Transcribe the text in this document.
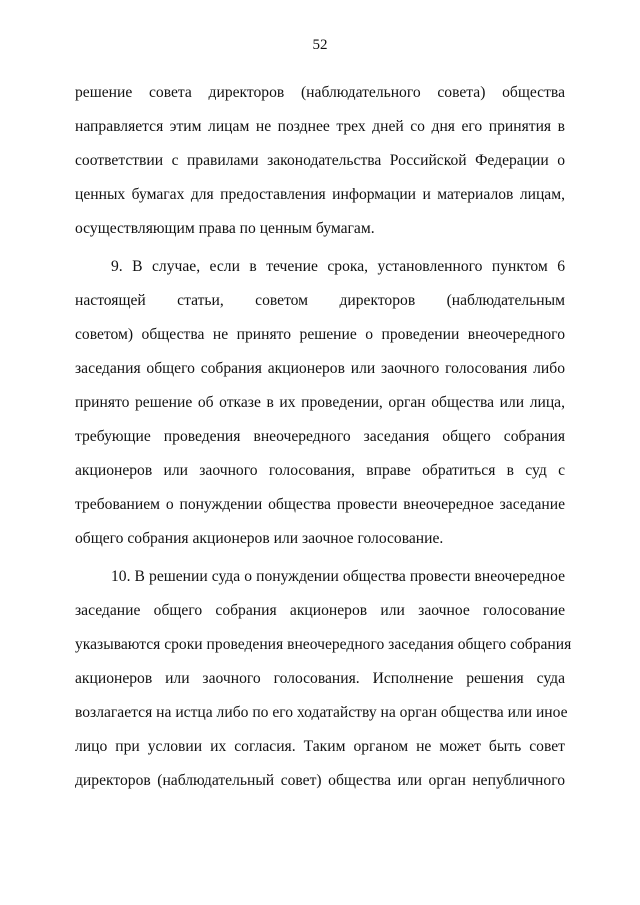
52
решение совета директоров (наблюдательного совета) общества
направляется этим лицам не позднее трех дней со дня его принятия в
соответствии с правилами законодательства Российской Федерации о
ценных бумагах для предоставления информации и материалов лицам,
осуществляющим права по ценным бумагам.
9. В случае, если в течение срока, установленного пунктом 6
настоящей статьи, советом директоров (наблюдательным
советом) общества не принято решение о проведении внеочередного
заседания общего собрания акционеров или заочного голосования либо
принято решение об отказе в их проведении, орган общества или лица,
требующие проведения внеочередного заседания общего собрания
акционеров или заочного голосования, вправе обратиться в суд с
требованием о понуждении общества провести внеочередное заседание
общего собрания акционеров или заочное голосование.
10. В решении суда о понуждении общества провести внеочередное
заседание общего собрания акционеров или заочное голосование
указываются сроки проведения внеочередного заседания общего собрания
акционеров или заочного голосования. Исполнение решения суда
возлагается на истца либо по его ходатайству на орган общества или иное
лицо при условии их согласия. Таким органом не может быть совет
директоров (наблюдательный совет) общества или орган непубличного
